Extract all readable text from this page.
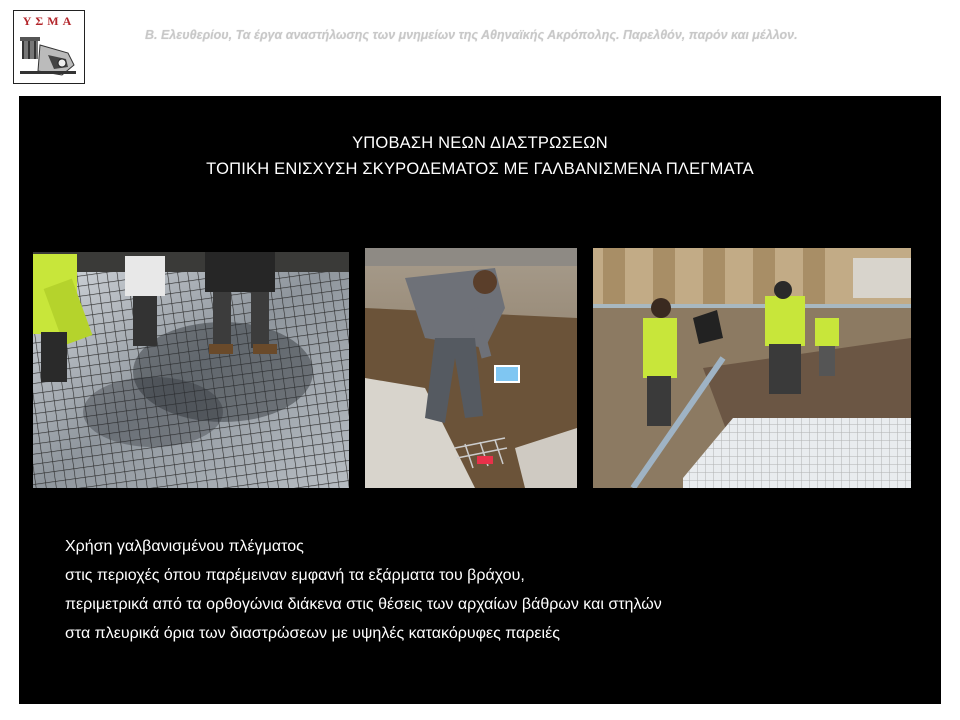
ΥΣΜΑ
Β. Ελευθερίου, Τα έργα αναστήλωσης των μνημείων της Αθηναϊκής Ακρόπολης. Παρελθόν, παρόν και μέλλον.
ΥΠΟΒΑΣΗ ΝΕΩΝ ΔΙΑΣΤΡΩΣΕΩΝ
ΤΟΠΙΚΗ ΕΝΙΣΧΥΣΗ ΣΚΥΡΟΔΕΜΑΤΟΣ ΜΕ ΓΑΛΒΑΝΙΣΜΕΝΑ ΠΛΕΓΜΑΤΑ
Χρήση γαλβανισμένου πλέγματος
στις περιοχές όπου παρέμειναν εμφανή τα εξάρματα του βράχου,
περιμετρικά από τα ορθογώνια διάκενα στις θέσεις των αρχαίων βάθρων και στηλών
στα πλευρικά όρια των διαστρώσεων με υψηλές κατακόρυφες παρειές
